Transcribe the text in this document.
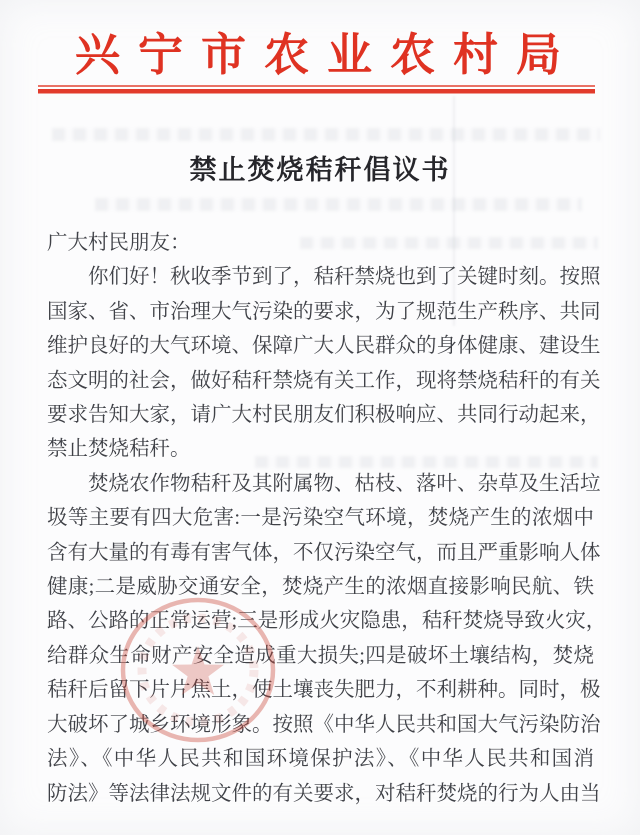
兴宁市农业农村局
禁止焚烧秸秆倡议书
广大村民朋友：
你们好！秋收季节到了，秸秆禁烧也到了关键时刻。按照
国家、省、市治理大气污染的要求，为了规范生产秩序、共同
维护良好的大气环境、保障广大人民群众的身体健康、建设生
态文明的社会，做好秸秆禁烧有关工作，现将禁烧秸秆的有关
要求告知大家，请广大村民朋友们积极响应、共同行动起来，
禁止焚烧秸秆。
焚烧农作物秸秆及其附属物、枯枝、落叶、杂草及生活垃
圾等主要有四大危害:一是污染空气环境，焚烧产生的浓烟中
含有大量的有毒有害气体，不仅污染空气，而且严重影响人体
健康;二是威胁交通安全，焚烧产生的浓烟直接影响民航、铁
路、公路的正常运营;三是形成火灾隐患，秸秆焚烧导致火灾，
给群众生命财产安全造成重大损失;四是破坏土壤结构，焚烧
秸秆后留下片片焦土，使土壤丧失肥力，不利耕种。同时，极
大破坏了城乡环境形象。按照《中华人民共和国大气污染防治
法》、《中华人民共和国环境保护法》、《中华人民共和国消
防法》等法律法规文件的有关要求，对秸秆焚烧的行为人由当
